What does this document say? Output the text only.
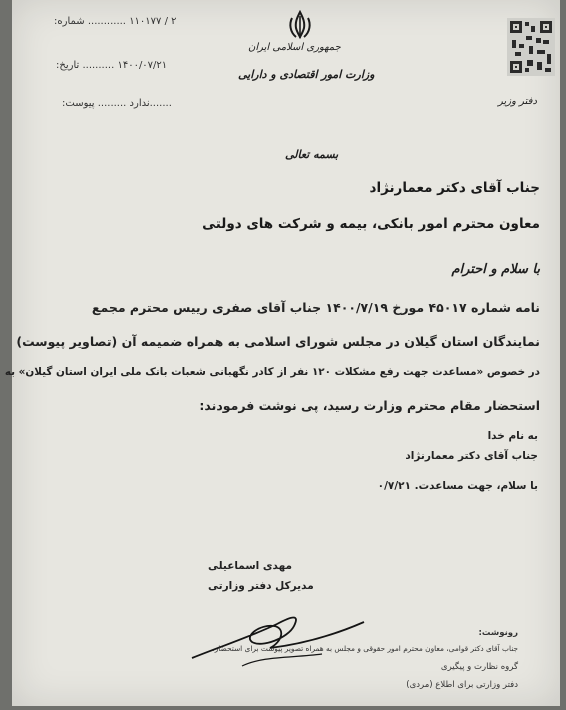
۲ / ۱۱۰۱۷۷ ............ شماره:
۱۴۰۰/۰۷/۲۱ .......... تاریخ:
.......ندارد ......... پیوست:
جمهوری اسلامی ایران
وزارت امور اقتصادی و دارایی
دفتر وزیر
بسمه تعالی
جناب آقای دکتر معمارنژاد
معاون محترم امور بانکی، بیمه و شرکت های دولتی
با سلام و احترام
نامه شماره ۴۵۰۱۷ مورخ ۱۴۰۰/۷/۱۹ جناب آقای صفری رییس محترم مجمع
نمایندگان استان گیلان در مجلس شورای اسلامی به همراه ضمیمه آن (تصاویر پیوست)
در خصوص «مساعدت جهت رفع مشکلات ۱۲۰ نفر از کادر نگهبانی شعبات بانک ملی ایران استان گیلان» به
استحضار مقام محترم وزارت رسید، پی نوشت فرمودند:
به نام خدا
جناب آقای دکتر معمارنژاد
با سلام، جهت مساعدت. ۰/۷/۲۱
مهدی اسماعیلی
مدیرکل دفتر وزارتی
رونوشت:
جناب آقای دکتر قوامی، معاون محترم امور حقوقی و مجلس به همراه تصویر پیوست برای استحضار.
گروه نظارت و پیگیری
دفتر وزارتی برای اطلاع (مردی)
